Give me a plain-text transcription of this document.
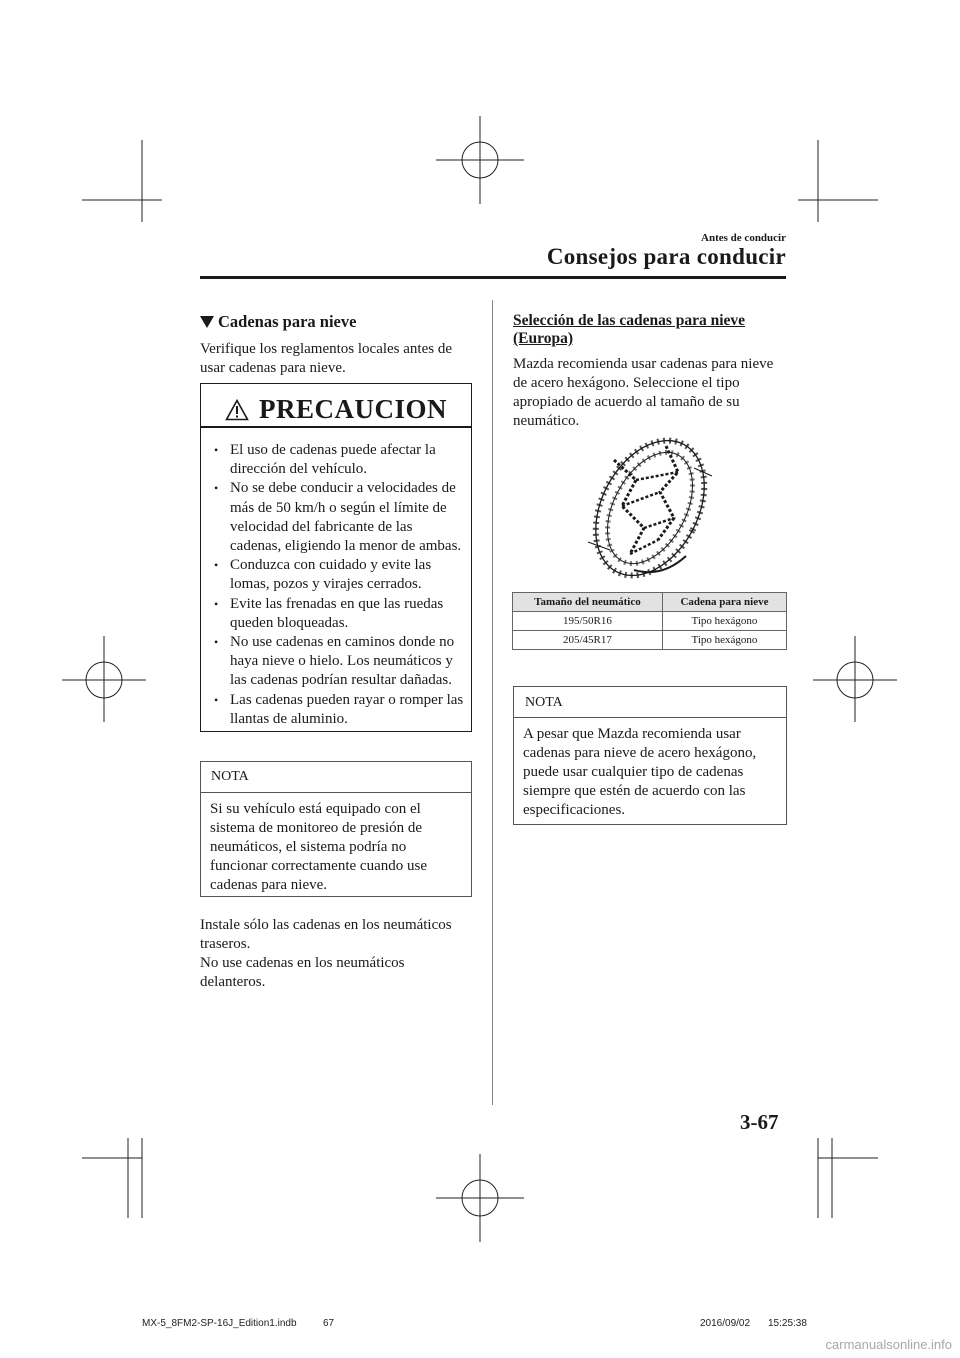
Antes de conducir
Consejos para conducir
Cadenas para nieve
Verifique los reglamentos locales antes de usar cadenas para nieve.
PRECAUCION
• El uso de cadenas puede afectar la dirección del vehículo.
• No se debe conducir a velocidades de más de 50 km/h o según el límite de velocidad del fabricante de las cadenas, eligiendo la menor de ambas.
• Conduzca con cuidado y evite las lomas, pozos y virajes cerrados.
• Evite las frenadas en que las ruedas queden bloqueadas.
• No use cadenas en caminos donde no haya nieve o hielo. Los neumáticos y las cadenas podrían resultar dañadas.
• Las cadenas pueden rayar o romper las llantas de aluminio.
NOTA
Si su vehículo está equipado con el sistema de monitoreo de presión de neumáticos, el sistema podría no funcionar correctamente cuando use cadenas para nieve.
Instale sólo las cadenas en los neumáticos traseros.
No use cadenas en los neumáticos delanteros.
Selección de las cadenas para nieve
(Europa)
Mazda recomienda usar cadenas para nieve de acero hexágono. Seleccione el tipo apropiado de acuerdo al tamaño de su neumático.
Tamaño del neumático	Cadena para nieve
195/50R16	Tipo hexágono
205/45R17	Tipo hexágono
NOTA
A pesar que Mazda recomienda usar cadenas para nieve de acero hexágono, puede usar cualquier tipo de cadenas siempre que estén de acuerdo con las especificaciones.
3-67
MX-5_8FM2-SP-16J_Edition1.indb	67	2016/09/02 15:25:38
carmanualsonline.info
